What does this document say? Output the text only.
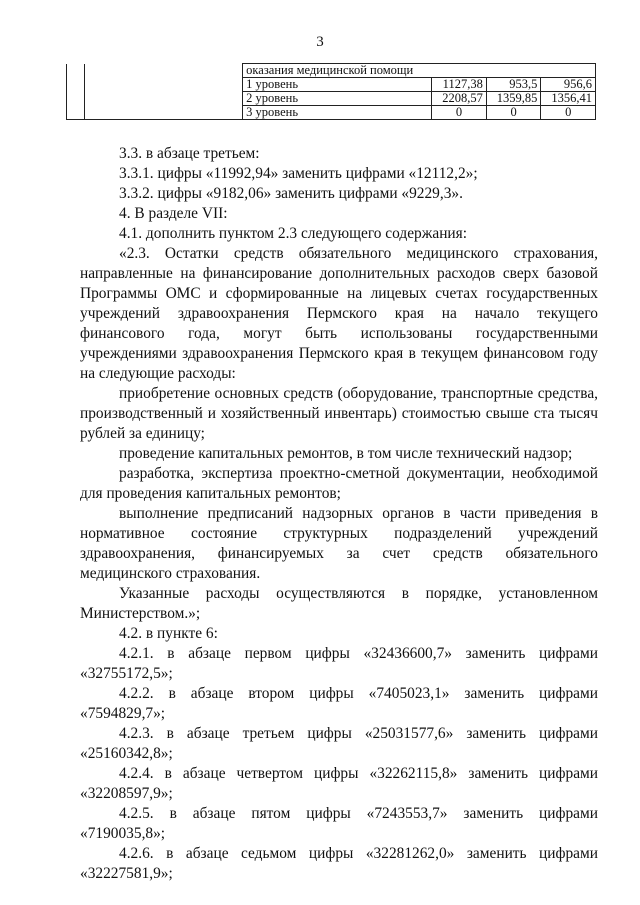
3
		оказания медицинской помощи			
		1 уровень	1127,38	953,5	956,6
		2 уровень	2208,57	1359,85	1356,41
		3 уровень	0	0	0

3.3. в абзаце третьем:

3.3.1. цифры «11992,94» заменить цифрами «12112,2»;

3.3.2. цифры «9182,06» заменить цифрами «9229,3».

4. В разделе VII:

4.1. дополнить пунктом 2.3 следующего содержания:

«2.3. Остатки средств обязательного медицинского страхования, направленные на финансирование дополнительных расходов сверх базовой Программы ОМС и сформированные на лицевых счетах государственных учреждений здравоохранения Пермского края на начало текущего финансового года, могут быть использованы государственными учреждениями здравоохранения Пермского края в текущем финансовом году на следующие расходы:

приобретение основных средств (оборудование, транспортные средства, производственный и хозяйственный инвентарь) стоимостью свыше ста тысяч рублей за единицу;

проведение капитальных ремонтов, в том числе технический надзор;

разработка, экспертиза проектно-сметной документации, необходимой для проведения капитальных ремонтов;

выполнение предписаний надзорных органов в части приведения в нормативное состояние структурных подразделений учреждений здравоохранения, финансируемых за счет средств обязательного медицинского страхования.

Указанные расходы осуществляются в порядке, установленном Министерством.»;

4.2. в пункте 6:

4.2.1. в абзаце первом цифры «32436600,7» заменить цифрами «32755172,5»;

4.2.2. в абзаце втором цифры «7405023,1» заменить цифрами «7594829,7»;

4.2.3. в абзаце третьем цифры «25031577,6» заменить цифрами «25160342,8»;

4.2.4. в абзаце четвертом цифры «32262115,8» заменить цифрами «32208597,9»;

4.2.5. в абзаце пятом цифры «7243553,7» заменить цифрами «7190035,8»;

4.2.6. в абзаце седьмом цифры «32281262,0» заменить цифрами «32227581,9»;
